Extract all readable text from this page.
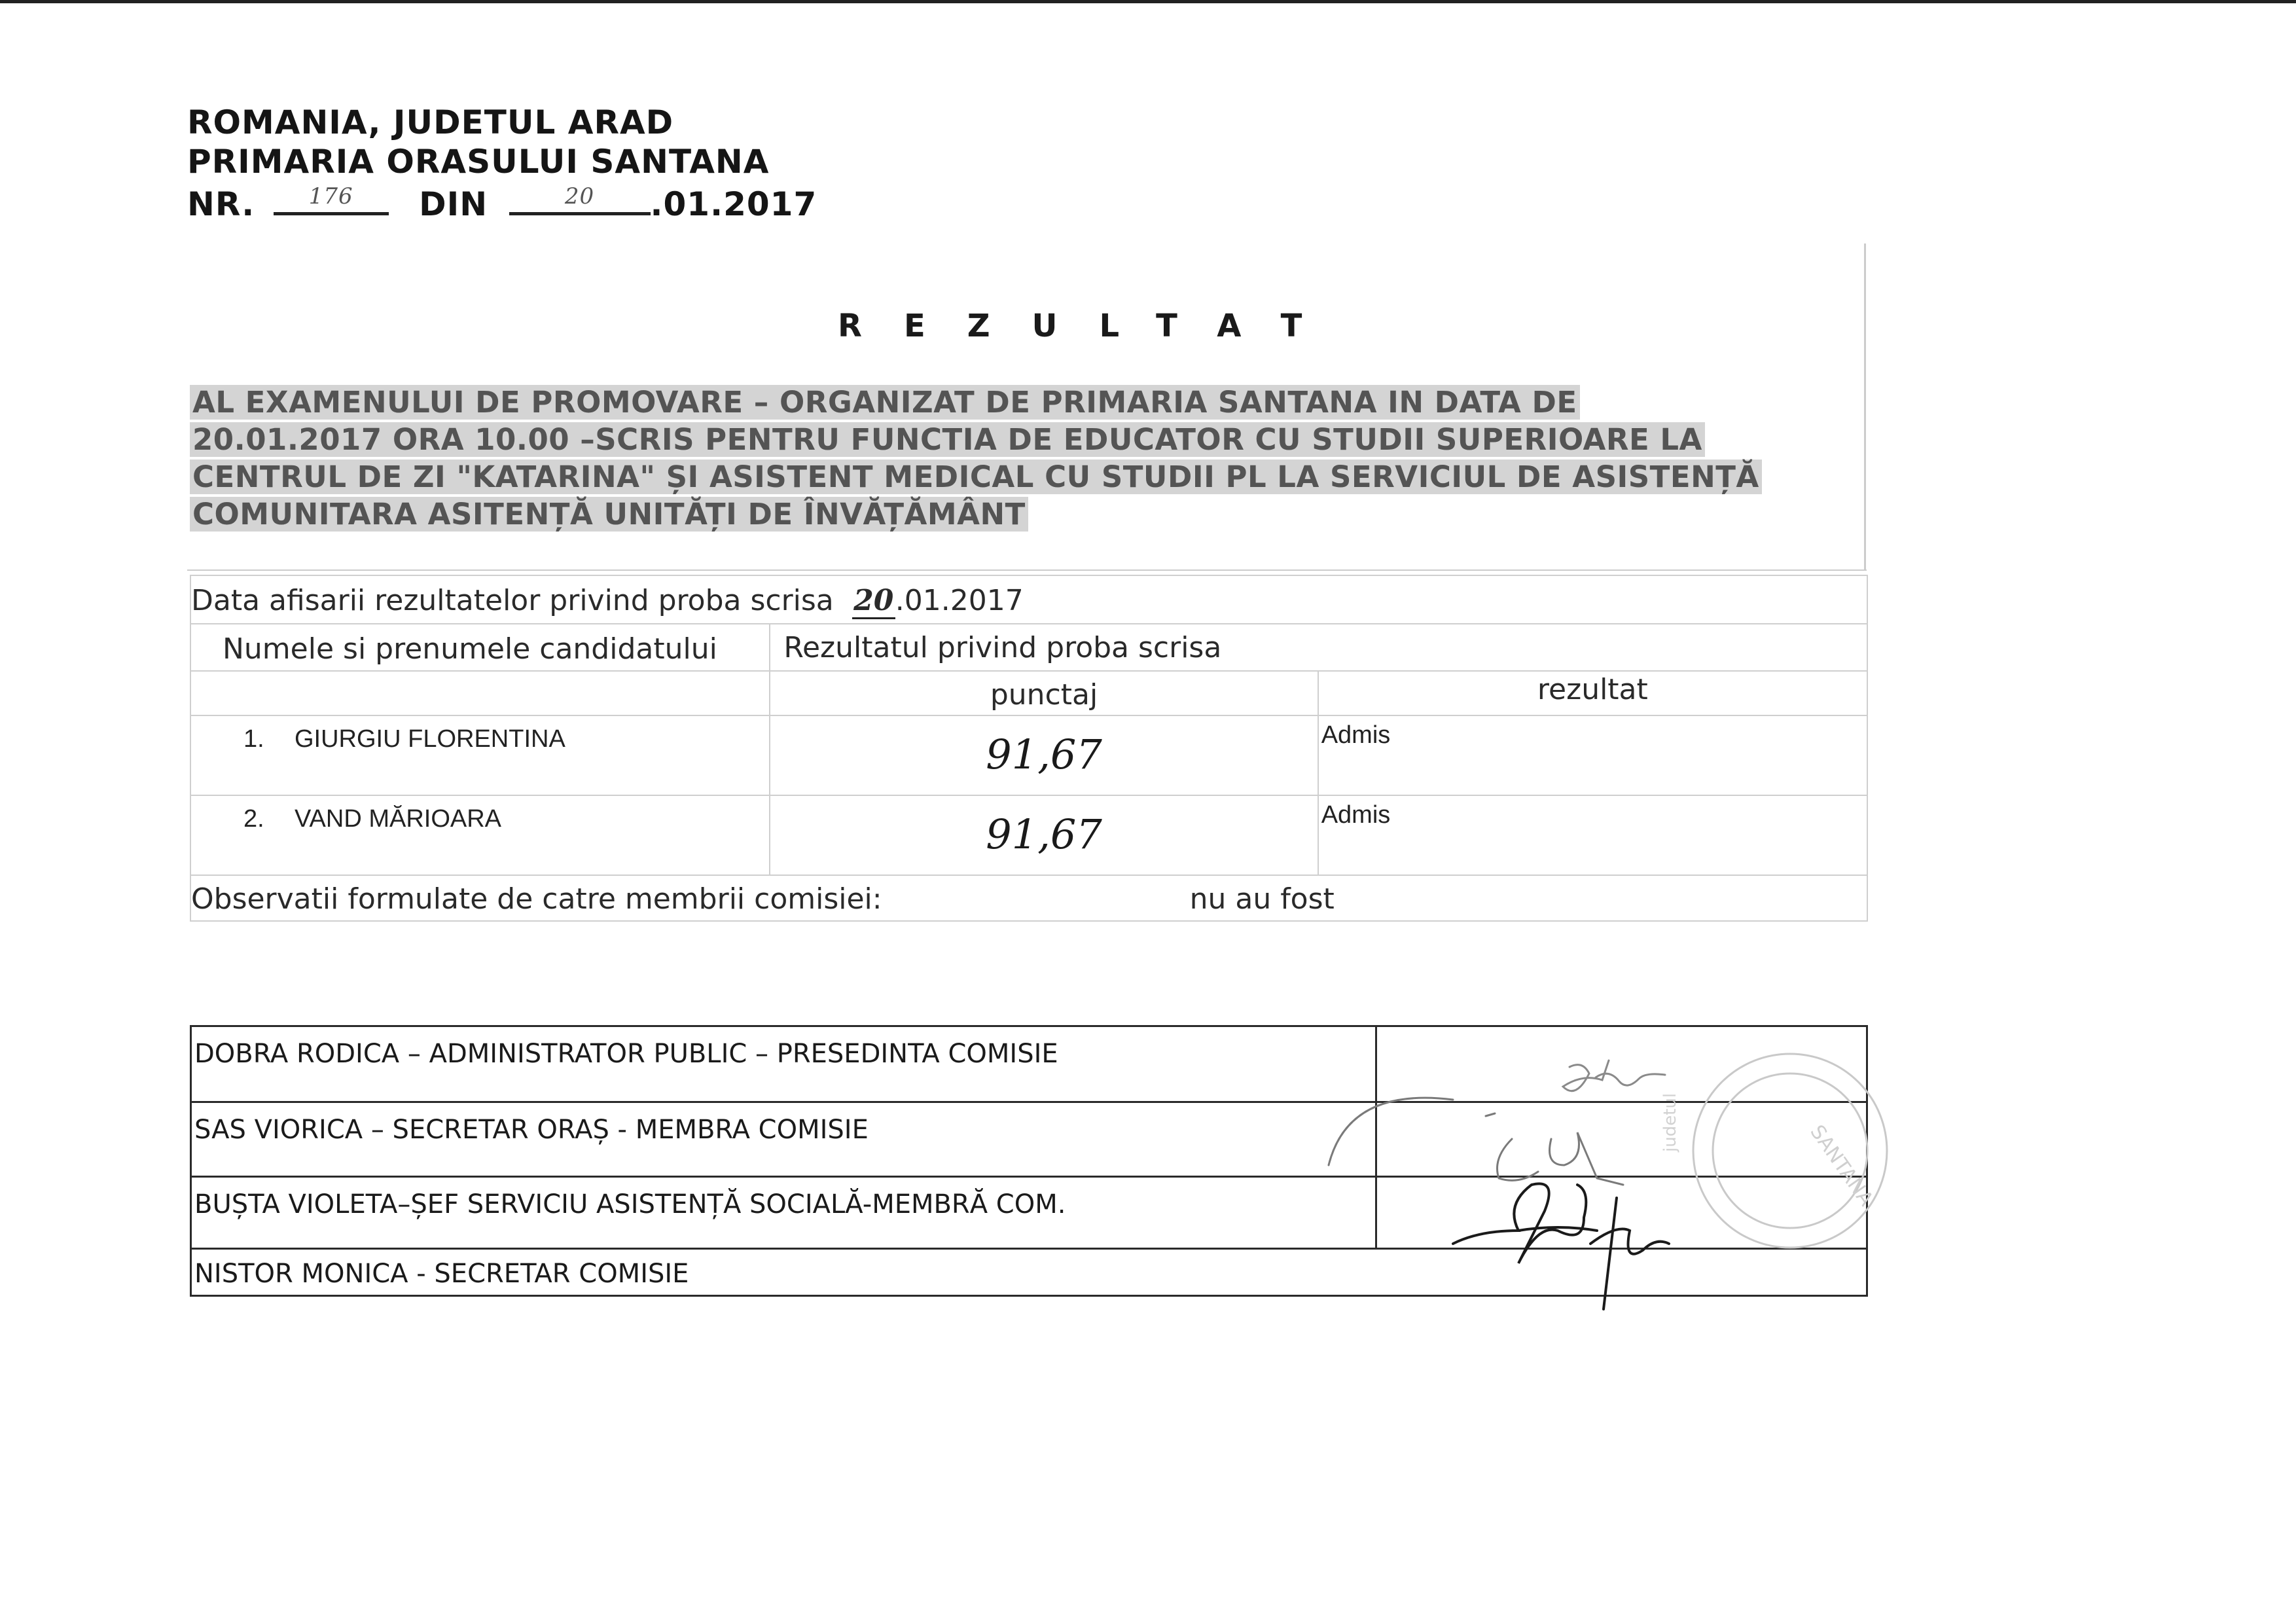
ROMANIA, JUDETUL ARAD
PRIMARIA ORASULUI SANTANA
NR.	176	DIN	20	.01.2017
REZULTAT
AL EXAMENULUI DE PROMOVARE – ORGANIZAT DE PRIMARIA SANTANA IN DATA DE
20.01.2017 ORA 10.00 –SCRIS PENTRU FUNCTIA DE EDUCATOR CU STUDII SUPERIOARE LA
CENTRUL DE ZI "KATARINA" ȘI ASISTENT MEDICAL CU STUDII PL LA SERVICIUL DE ASISTENȚĂ
COMUNITARA ASITENȚĂ UNITĂȚI DE ÎNVĂȚĂMÂNT
Data afisarii rezultatelor privind proba scrisa 20.01.2017		
Numele si prenumele candidatului	Rezultatul privind proba scrisa	
	punctaj	rezultat
1. GIURGIU FLORENTINA	91,67	Admis
2. VAND MĂRIOARA	91,67	Admis
Observatii formulate de catre membrii comisiei: nu au fost		
DOBRA RODICA – ADMINISTRATOR PUBLIC – PRESEDINTA COMISIE	
SAS VIORICA – SECRETAR ORAȘ - MEMBRA COMISIE	
BUȘTA VIOLETA–ȘEF SERVICIU ASISTENȚĂ SOCIALĂ-MEMBRĂ COM.	
NISTOR MONICA - SECRETAR COMISIE	
SANTANA
judetul
